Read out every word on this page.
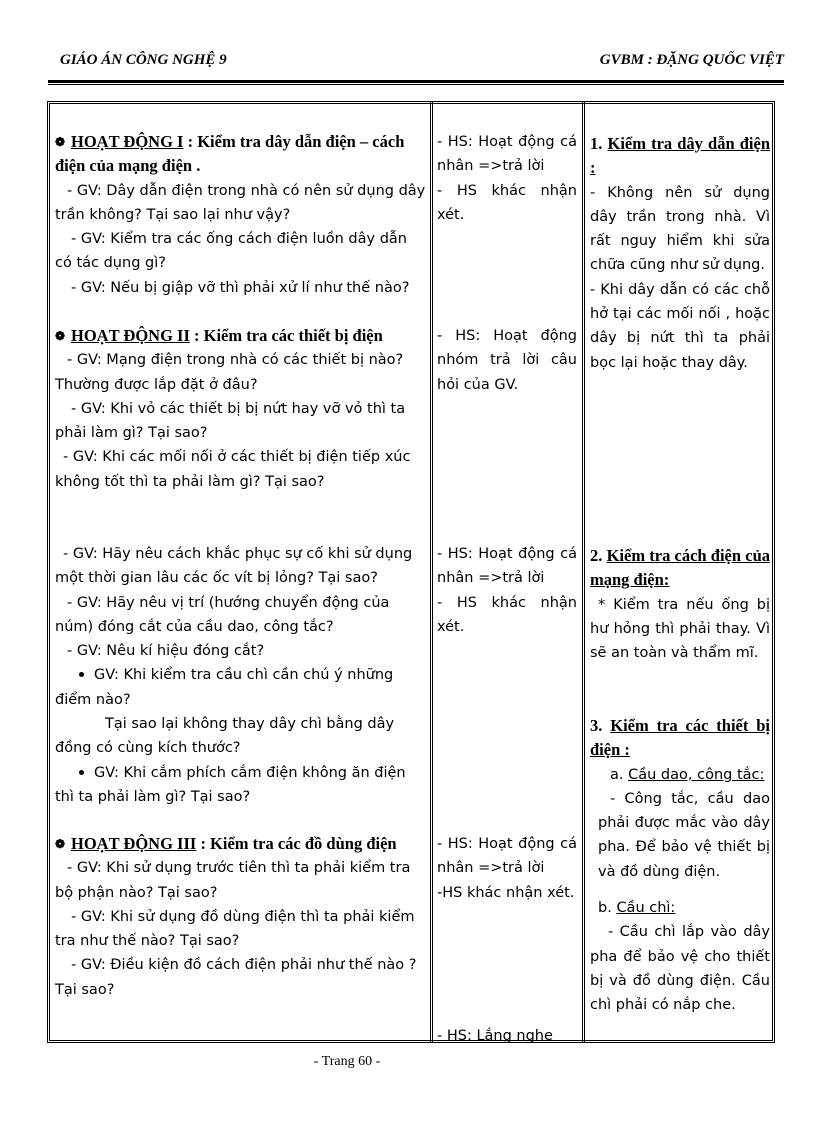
GIÁO ÁN CÔNG NGHỆ 9	GVBM : ĐẶNG QUỐC VIỆT

❁ HOẠT ĐỘNG I : Kiểm tra dây dẫn điện – cách điện của mạng điện .

- GV: Dây dẫn điện trong nhà có nên sử dụng dây trần không? Tại sao lại như vậy?

- GV: Kiểm tra các ống cách điện luồn dây dẫn có tác dụng gì?

- GV: Nếu bị giập vỡ thì phải xử lí như thế nào?

❁ HOẠT ĐỘNG II : Kiểm tra các thiết bị điện

- GV: Mạng điện trong nhà có các thiết bị nào? Thường được lắp đặt ở đâu?

- GV: Khi vỏ các thiết bị bị nứt hay vỡ vỏ thì ta phải làm gì? Tại sao?

- GV: Khi các mối nối ở các thiết bị điện tiếp xúc không tốt thì ta phải làm gì? Tại sao?

- GV: Hãy nêu cách khắc phục sự cố khi sử dụng một thời gian lâu các ốc vít bị lỏng? Tại sao?

- GV: Hãy nêu vị trí (hướng chuyển động của núm) đóng cắt của cầu dao, công tắc?

- GV: Nêu kí hiệu đóng cắt?

GV: Khi kiểm tra cầu chì cần chú ý những điểm nào?

Tại sao lại không thay dây chì bằng dây đồng có cùng kích thước?

GV: Khi cắm phích cắm điện không ăn điện thì ta phải làm gì? Tại sao?

❁ HOẠT ĐỘNG III : Kiểm tra các đồ dùng điện

- GV: Khi sử dụng trước tiên thì ta phải kiểm tra bộ phận nào? Tại sao?

- GV: Khi sử dụng đồ dùng điện thì ta phải kiểm tra như thế nào? Tại sao?

- GV: Điều kiện đồ cách điện phải như thế nào ? Tại sao?

- HS: Hoạt động cá nhân =>trả lời

- HS khác nhận xét.

- HS: Hoạt động nhóm trả lời câu hỏi của GV.

- HS: Hoạt động cá nhân =>trả lời

- HS khác nhận xét.

- HS: Hoạt động cá nhân =>trả lời

-HS khác nhận xét.

- HS: Lắng nghe

1. Kiểm tra dây dẫn điện :

- Không nên sử dụng dây trần trong nhà. Vì rất nguy hiểm khi sửa chữa cũng như sử dụng.

- Khi dây dẫn có các chỗ hở tại các mối nối , hoặc dây bị nứt thì ta phải bọc lại hoặc thay dây.

2. Kiểm tra cách điện của mạng điện:

* Kiểm tra nếu ống bị hư hỏng thì phải thay. Vì sẽ an toàn và thẩm mĩ.

3. Kiểm tra các thiết bị điện :

a. Cầu dao, công tắc:

- Công tắc, cầu dao phải được mắc vào dây pha. Để bảo vệ thiết bị và đồ dùng điện.

b. Cầu chì:

- Cầu chì lắp vào dây pha để bảo vệ cho thiết bị và đồ dùng điện. Cầu chì phải có nắp che.

- Trang 60 -
